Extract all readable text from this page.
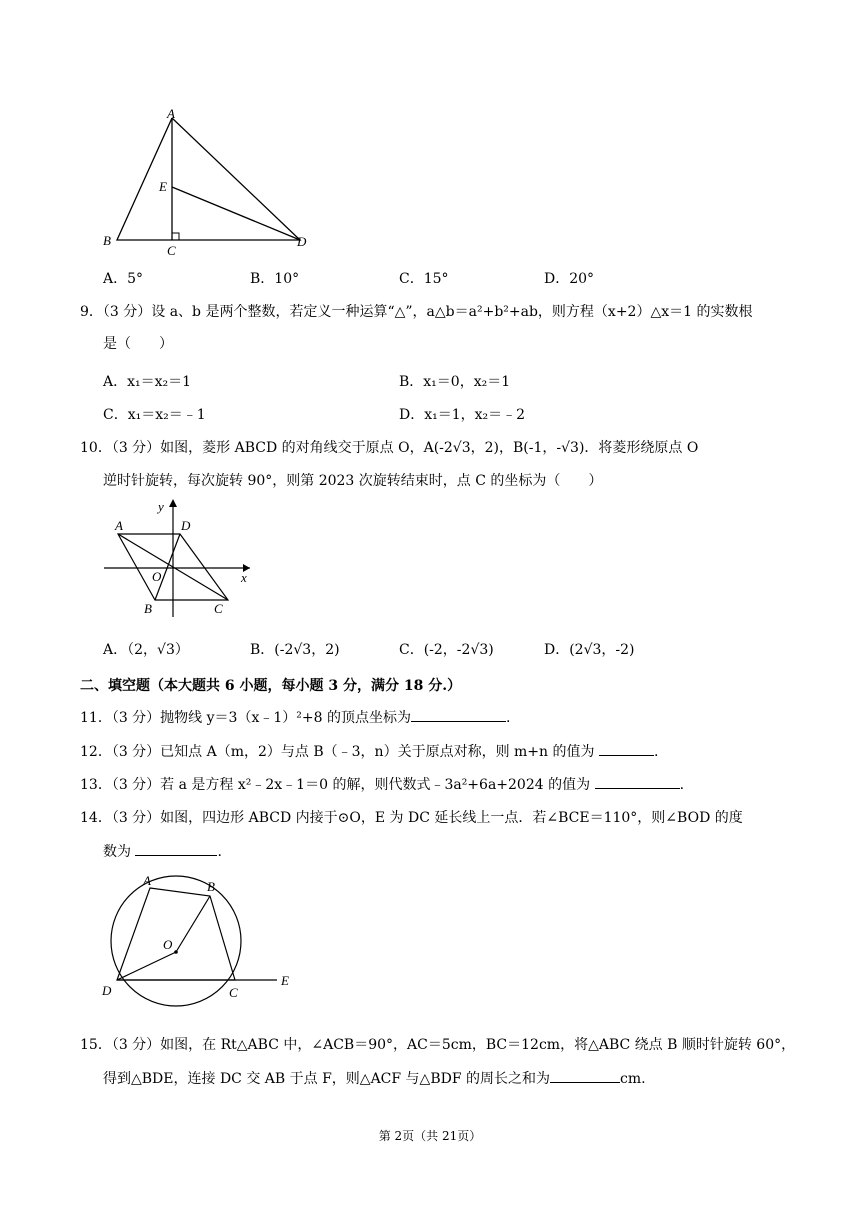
A
E
B
C
D
A．5°	B．10°	C．15°	D．20°
9．（3 分）设 a、b 是两个整数，若定义一种运算“△”，a△b＝a²+b²+ab，则方程（x+2）△x＝1 的实数根
是（　　）
A．x₁＝x₂＝1	B．x₁＝0，x₂＝1
C．x₁＝x₂＝﹣1	D．x₁＝1，x₂＝﹣2
10．（3 分）如图，菱形 ABCD 的对角线交于原点 O，A(-2√3，2)，B(-1，-√3)．将菱形绕原点 O
逆时针旋转，每次旋转 90°，则第 2023 次旋转结束时，点 C 的坐标为（　　）
y
A	D
O	x
B	C
A．（2，√3）	B．(-2√3，2)	C．(-2，-2√3)	D．(2√3，-2)
二、填空题（本大题共 6 小题，每小题 3 分，满分 18 分.）
11．（3 分）抛物线 y＝3（x﹣1）²+8 的顶点坐标为	.
12．（3 分）已知点 A（m，2）与点 B（﹣3，n）关于原点对称，则 m+n 的值为	.
13．（3 分）若 a 是方程 x²﹣2x﹣1＝0 的解，则代数式﹣3a²+6a+2024 的值为	.
14．（3 分）如图，四边形 ABCD 内接于⊙O，E 为 DC 延长线上一点．若∠BCE＝110°，则∠BOD 的度
数为	.
A	B
O
D	C
E
15．（3 分）如图，在 Rt△ABC 中，∠ACB＝90°，AC＝5cm，BC＝12cm，将△ABC 绕点 B 顺时针旋转 60°，
得到△BDE，连接 DC 交 AB 于点 F，则△ACF 与△BDF 的周长之和为	cm.
第 2页（共 21页）
